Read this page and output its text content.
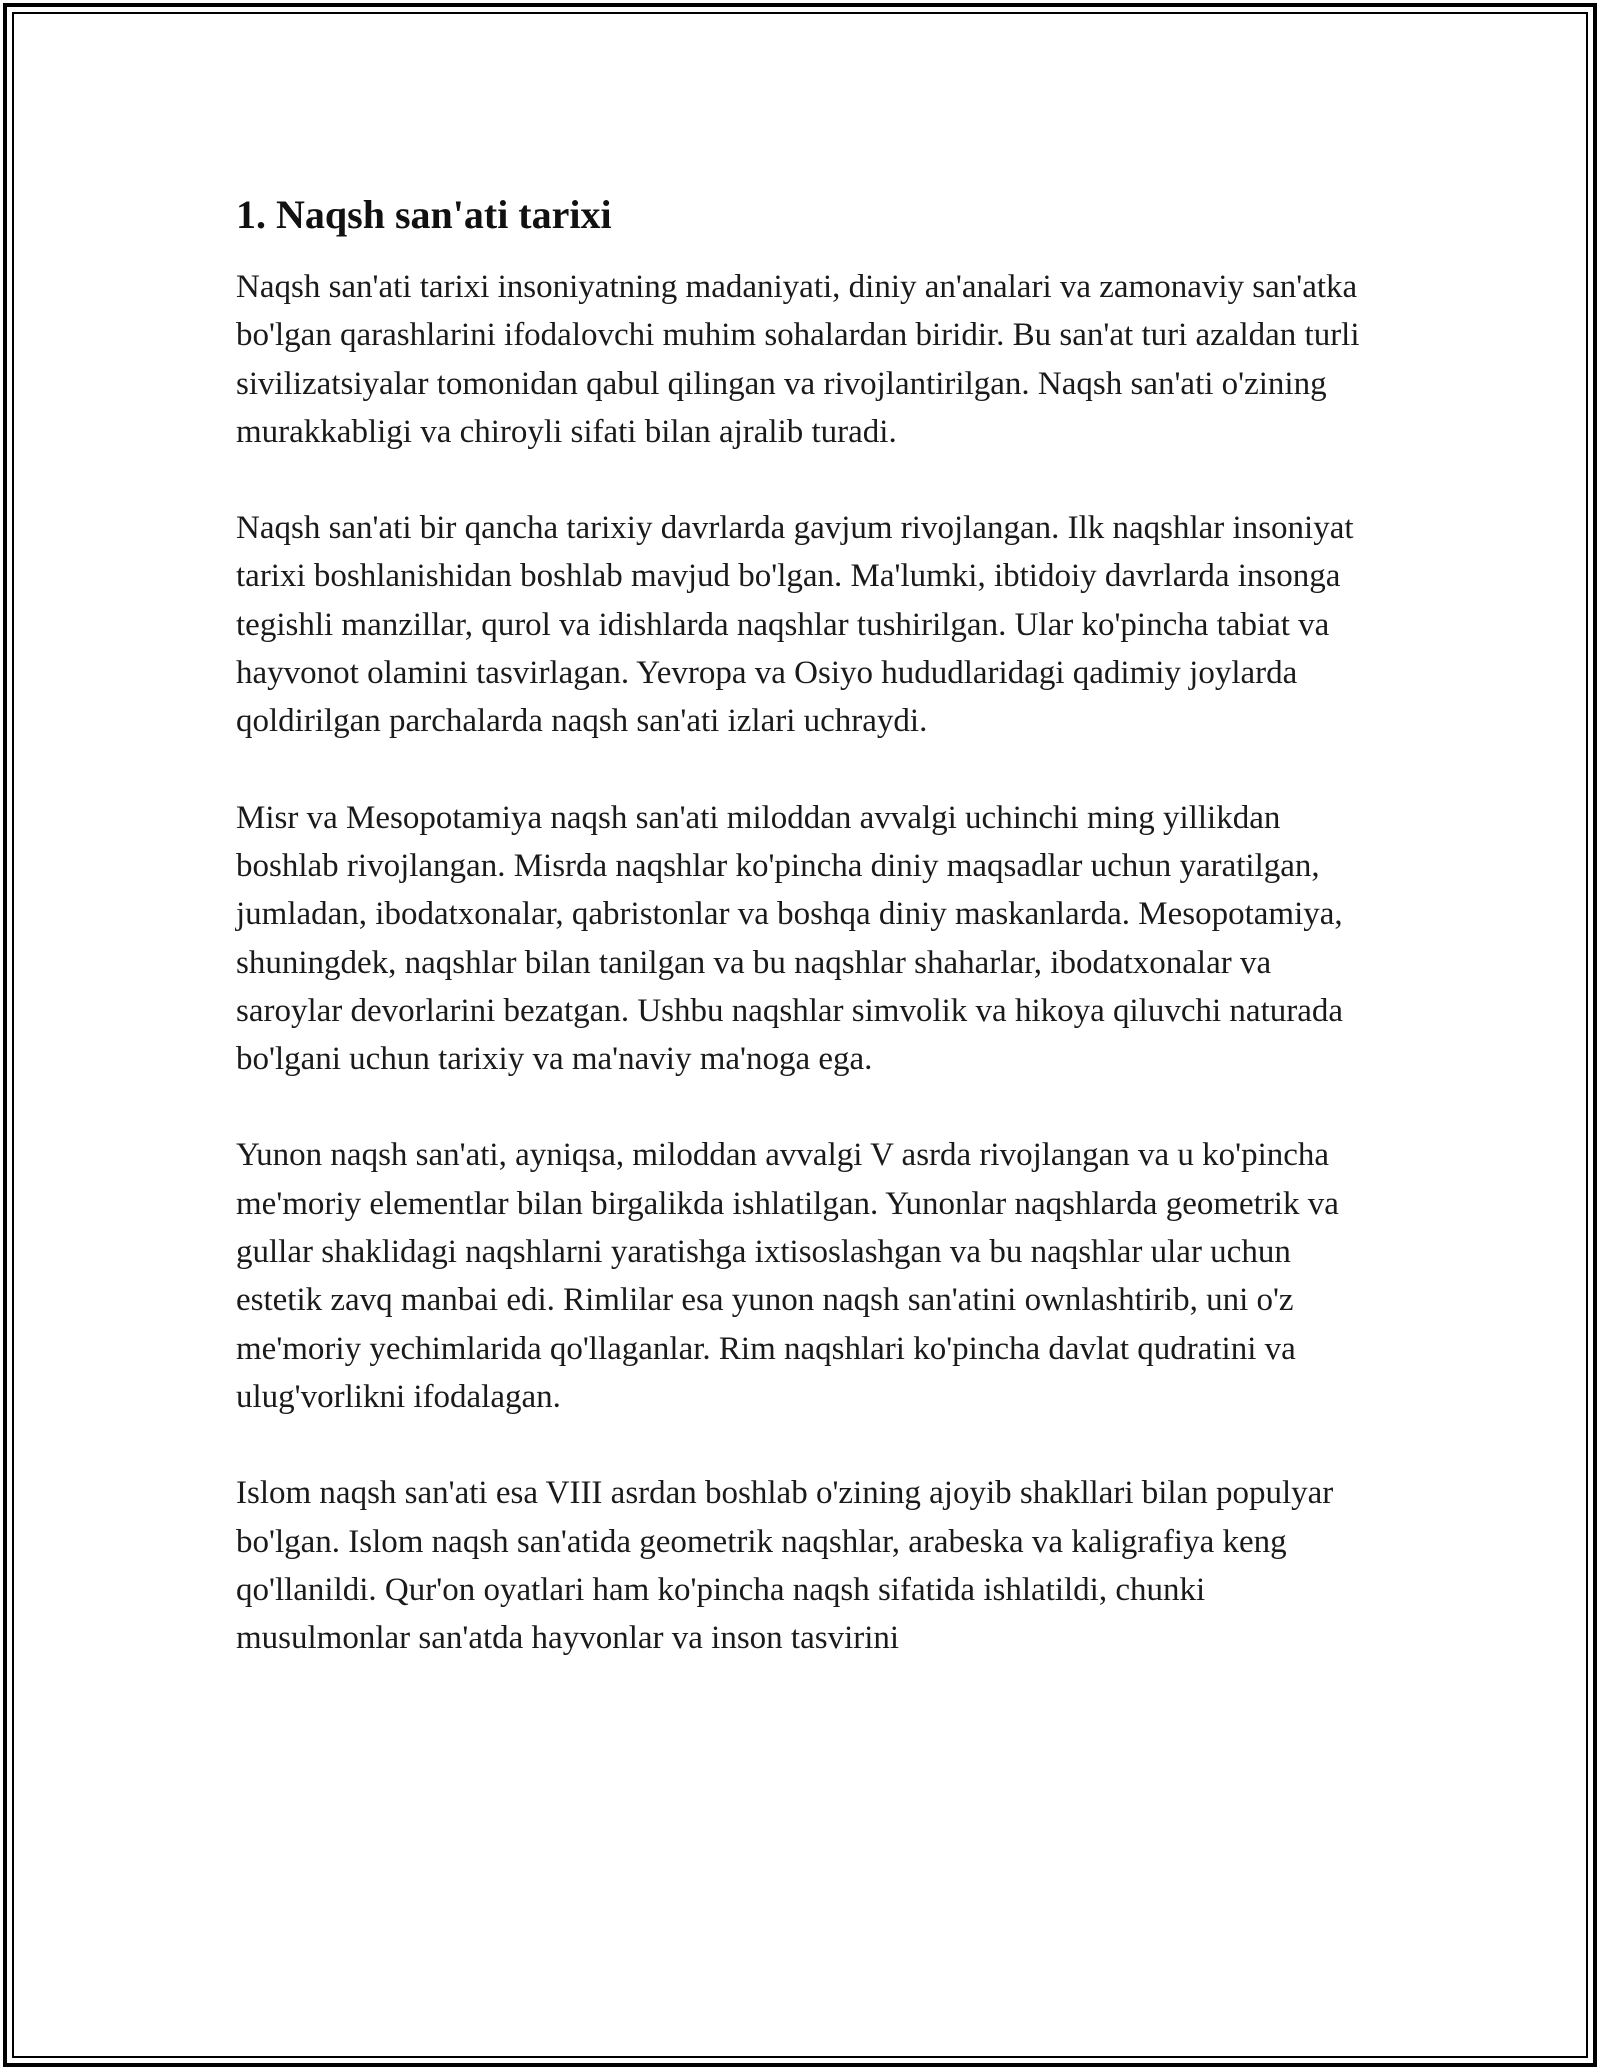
1. Naqsh san'ati tarixi

Naqsh san'ati tarixi insoniyatning madaniyati, diniy an'analari va zamonaviy san'atka bo'lgan qarashlarini ifodalovchi muhim sohalardan biridir. Bu san'at turi azaldan turli sivilizatsiyalar tomonidan qabul qilingan va rivojlantirilgan. Naqsh san'ati o'zining murakkabligi va chiroyli sifati bilan ajralib turadi.

Naqsh san'ati bir qancha tarixiy davrlarda gavjum rivojlangan. Ilk naqshlar insoniyat tarixi boshlanishidan boshlab mavjud bo'lgan. Ma'lumki, ibtidoiy davrlarda insonga tegishli manzillar, qurol va idishlarda naqshlar tushirilgan. Ular ko'pincha tabiat va hayvonot olamini tasvirlagan. Yevropa va Osiyo hududlaridagi qadimiy joylarda qoldirilgan parchalarda naqsh san'ati izlari uchraydi.

Misr va Mesopotamiya naqsh san'ati miloddan avvalgi uchinchi ming yillikdan boshlab rivojlangan. Misrda naqshlar ko'pincha diniy maqsadlar uchun yaratilgan, jumladan, ibodatxonalar, qabristonlar va boshqa diniy maskanlarda. Mesopotamiya, shuningdek, naqshlar bilan tanilgan va bu naqshlar shaharlar, ibodatxonalar va saroylar devorlarini bezatgan. Ushbu naqshlar simvolik va hikoya qiluvchi naturada bo'lgani uchun tarixiy va ma'naviy ma'noga ega.

Yunon naqsh san'ati, ayniqsa, miloddan avvalgi V asrda rivojlangan va u ko'pincha me'moriy elementlar bilan birgalikda ishlatilgan. Yunonlar naqshlarda geometrik va gullar shaklidagi naqshlarni yaratishga ixtisoslashgan va bu naqshlar ular uchun estetik zavq manbai edi. Rimlilar esa yunon naqsh san'atini ownlashtirib, uni o'z me'moriy yechimlarida qo'llaganlar. Rim naqshlari ko'pincha davlat qudratini va ulug'vorlikni ifodalagan.

Islom naqsh san'ati esa VIII asrdan boshlab o'zining ajoyib shakllari bilan populyar bo'lgan. Islom naqsh san'atida geometrik naqshlar, arabeska va kaligrafiya keng qo'llanildi. Qur'on oyatlari ham ko'pincha naqsh sifatida ishlatildi, chunki musulmonlar san'atda hayvonlar va inson tasvirini
